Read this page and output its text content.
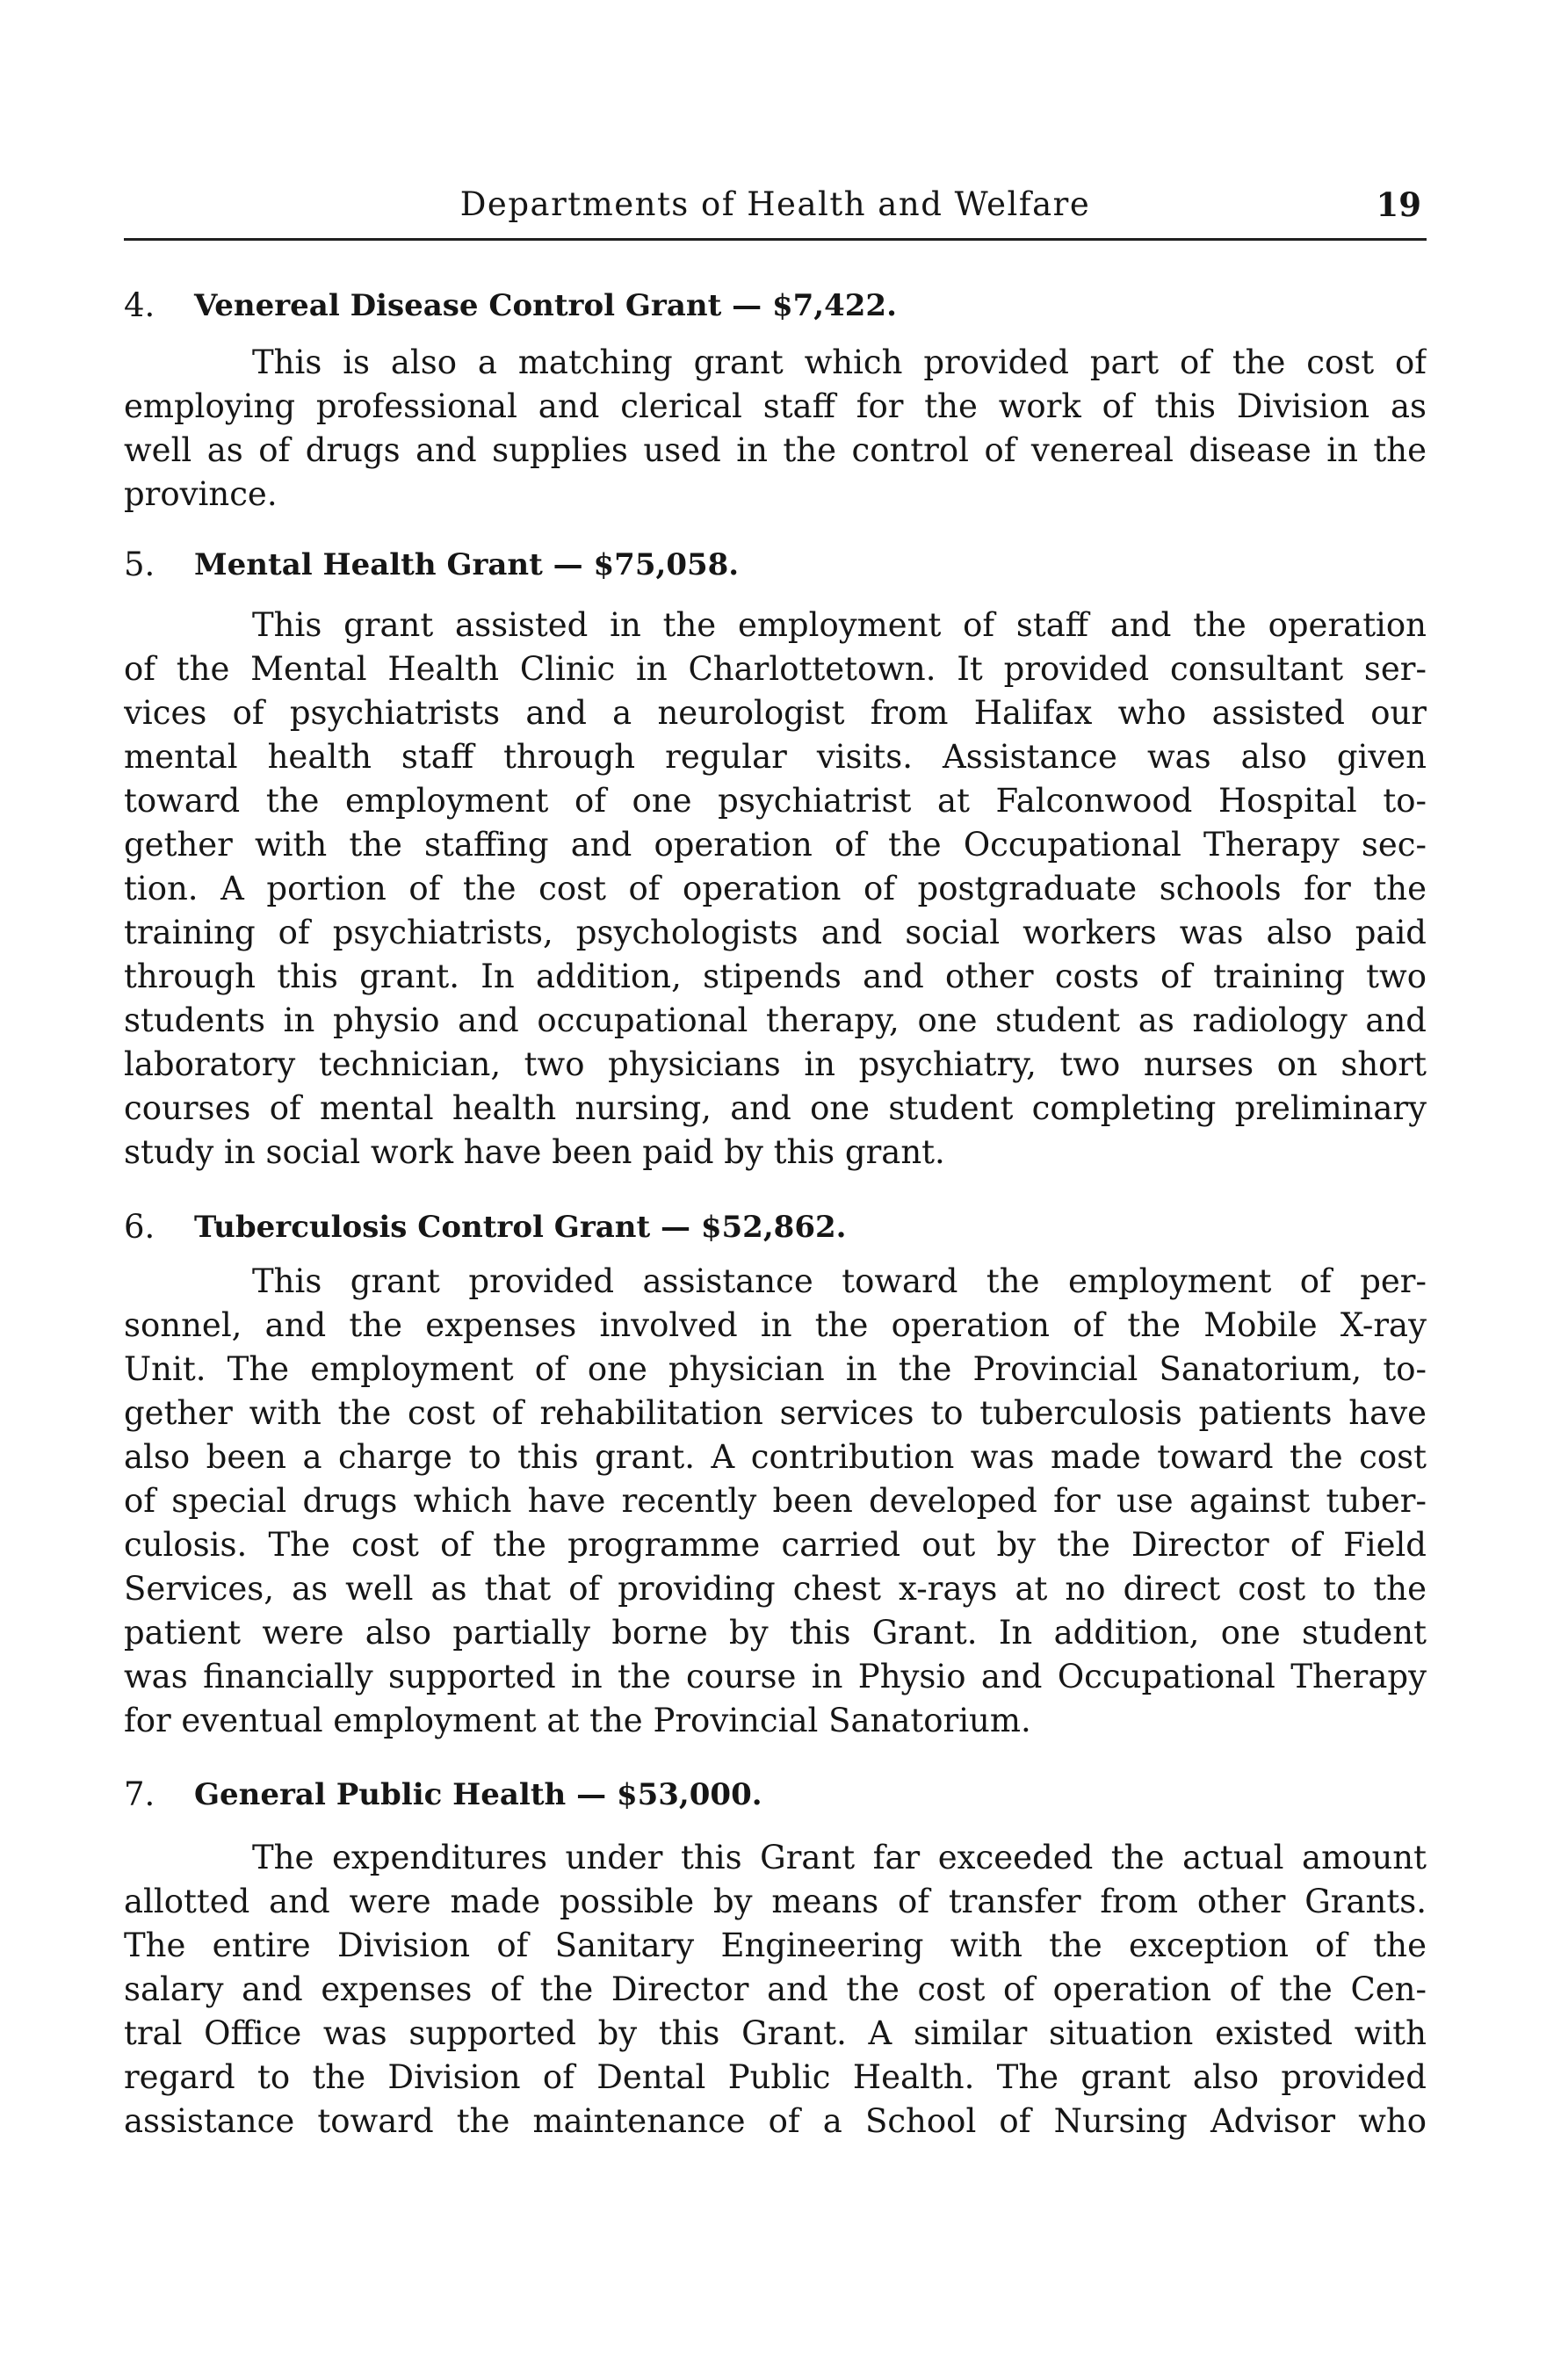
Departments of Health and Welfare	19
4. Venereal Disease Control Grant — $7,422.
This is also a matching grant which provided part of the cost of
employing professional and clerical staff for the work of this Division as
well as of drugs and supplies used in the control of venereal disease in the
province.
5. Mental Health Grant — $75,058.
This grant assisted in the employment of staff and the operation
of the Mental Health Clinic in Charlottetown. It provided consultant ser-
vices of psychiatrists and a neurologist from Halifax who assisted our
mental health staff through regular visits. Assistance was also given
toward the employment of one psychiatrist at Falconwood Hospital to-
gether with the staffing and operation of the Occupational Therapy sec-
tion. A portion of the cost of operation of postgraduate schools for the
training of psychiatrists, psychologists and social workers was also paid
through this grant. In addition, stipends and other costs of training two
students in physio and occupational therapy, one student as radiology and
laboratory technician, two physicians in psychiatry, two nurses on short
courses of mental health nursing, and one student completing preliminary
study in social work have been paid by this grant.
6. Tuberculosis Control Grant — $52,862.
This grant provided assistance toward the employment of per-
sonnel, and the expenses involved in the operation of the Mobile X-ray
Unit. The employment of one physician in the Provincial Sanatorium, to-
gether with the cost of rehabilitation services to tuberculosis patients have
also been a charge to this grant. A contribution was made toward the cost
of special drugs which have recently been developed for use against tuber-
culosis. The cost of the programme carried out by the Director of Field
Services, as well as that of providing chest x-rays at no direct cost to the
patient were also partially borne by this Grant. In addition, one student
was financially supported in the course in Physio and Occupational Therapy
for eventual employment at the Provincial Sanatorium.
7. General Public Health — $53,000.
The expenditures under this Grant far exceeded the actual amount
allotted and were made possible by means of transfer from other Grants.
The entire Division of Sanitary Engineering with the exception of the
salary and expenses of the Director and the cost of operation of the Cen-
tral Office was supported by this Grant. A similar situation existed with
regard to the Division of Dental Public Health. The grant also provided
assistance toward the maintenance of a School of Nursing Advisor who
